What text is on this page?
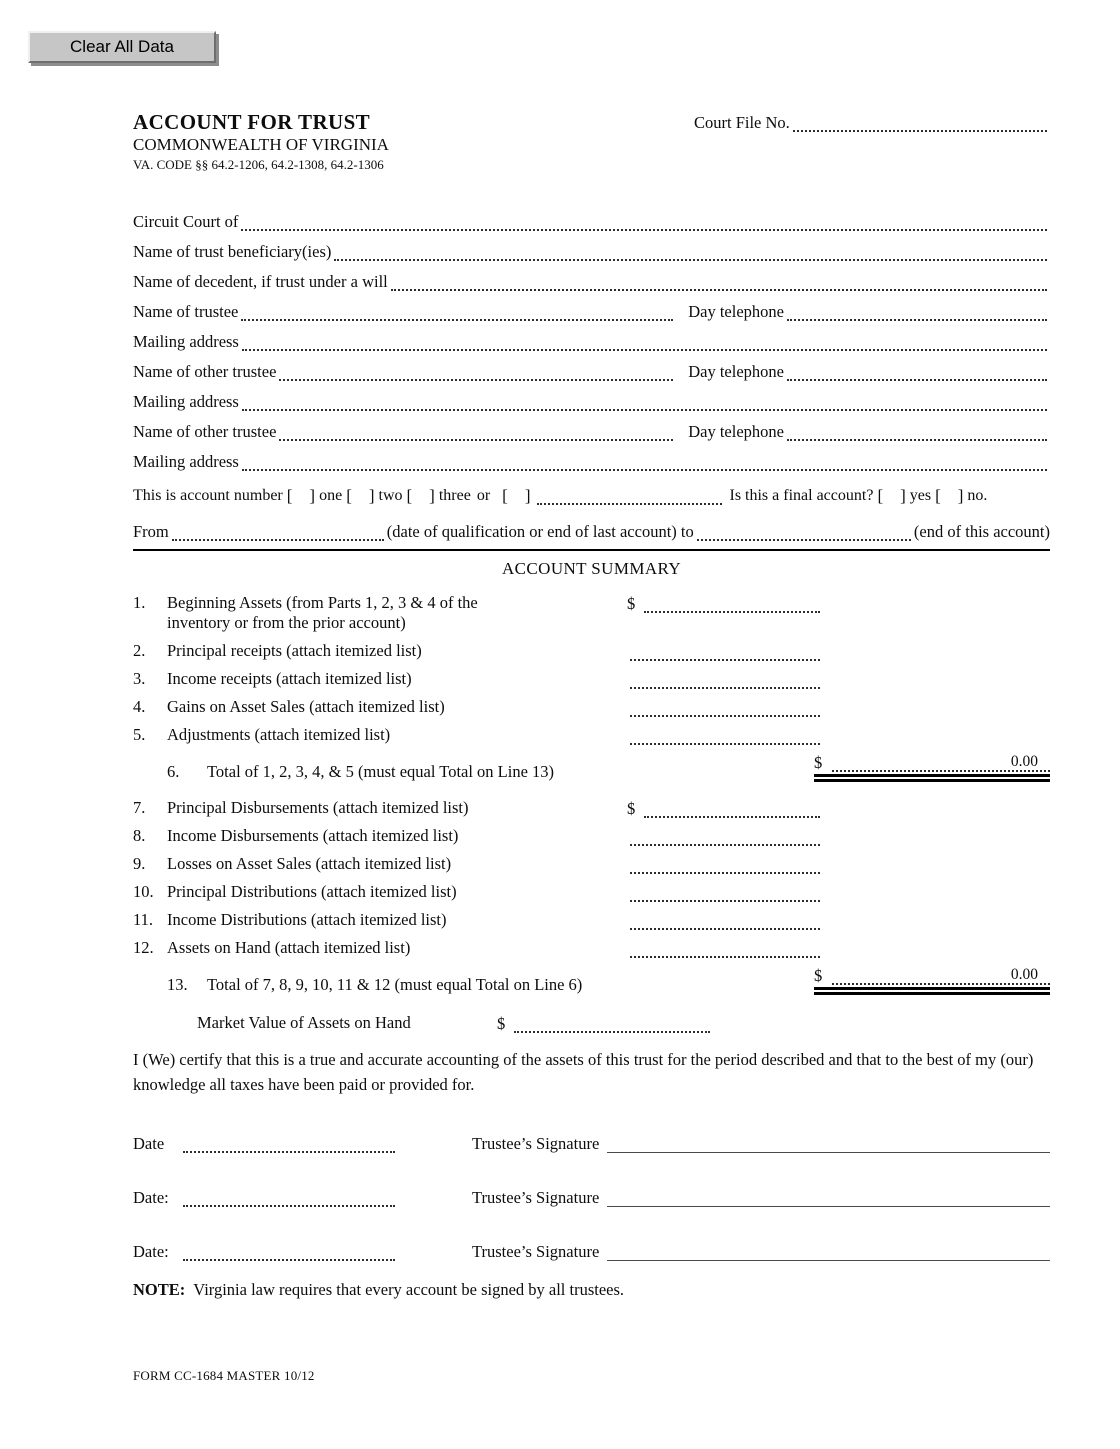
Clear All Data
ACCOUNT FOR TRUST
COMMONWEALTH OF VIRGINIA
VA. CODE §§ 64.2-1206, 64.2-1308, 64.2-1306
Court File No.
Circuit Court of
Name of trust beneficiary(ies)
Name of decedent, if trust under a will
Name of trustee	Day telephone
Mailing address
Name of other trustee	Day telephone
Mailing address
Name of other trustee	Day telephone
Mailing address
This is account number [  ] one [  ] two [  ] three or [  ]	Is this a final account? [  ] yes [  ] no.
From	(date of qualification or end of last account) to	(end of this account)
ACCOUNT SUMMARY
1.	Beginning Assets (from Parts 1, 2, 3 & 4 of the
inventory or from the prior account)
$
2.	Principal receipts (attach itemized list)
3.	Income receipts (attach itemized list)
4.	Gains on Asset Sales (attach itemized list)
5.	Adjustments (attach itemized list)
6.	Total of 1, 2, 3, 4, & 5 (must equal Total on Line 13)	$	0.00
7.	Principal Disbursements (attach itemized list)	$
8.	Income Disbursements (attach itemized list)
9.	Losses on Asset Sales (attach itemized list)
10. Principal Distributions (attach itemized list)
11. Income Distributions (attach itemized list)
12. Assets on Hand (attach itemized list)
13.	Total of 7, 8, 9, 10, 11 & 12 (must equal Total on Line 6)	$	0.00
Market Value of Assets on Hand	$
I (We) certify that this is a true and accurate accounting of the assets of this trust for the period described and that to the best of my (our) knowledge all taxes have been paid or provided for.
Date	Trustee’s Signature
Date:	Trustee’s Signature
Date:	Trustee’s Signature
NOTE: Virginia law requires that every account be signed by all trustees.
FORM CC-1684 MASTER 10/12
